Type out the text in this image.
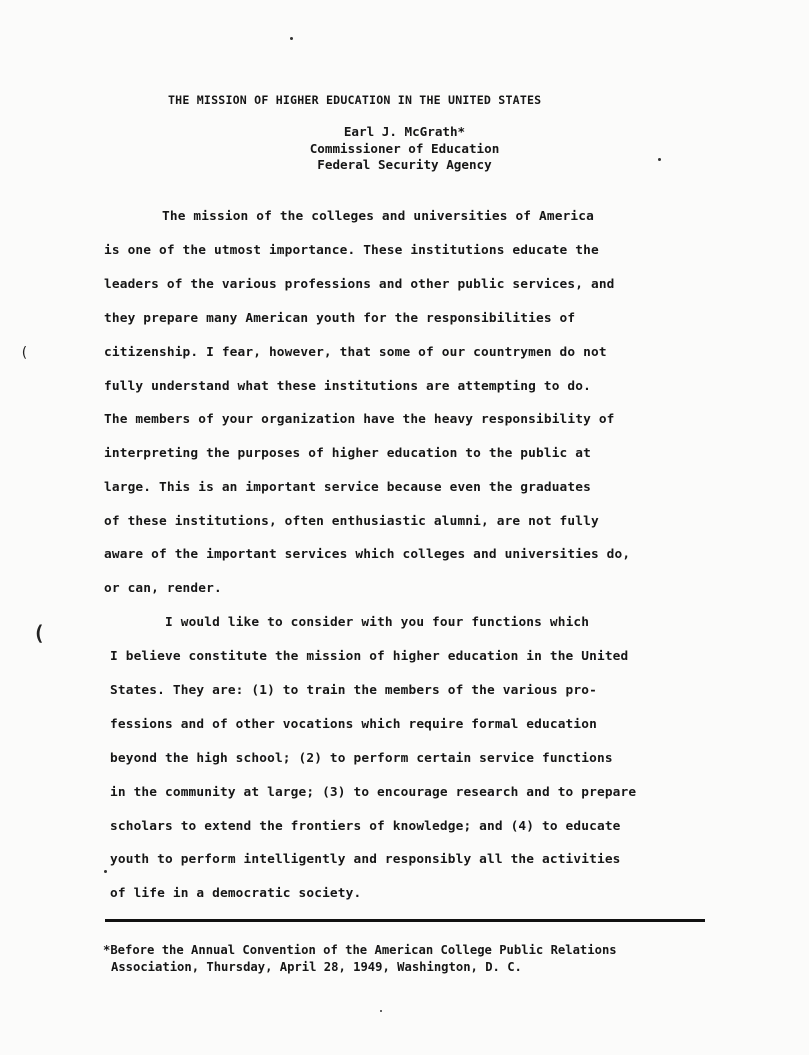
THE MISSION OF HIGHER EDUCATION IN THE UNITED STATES
Earl J. McGrath*
Commissioner of Education
Federal Security Agency
The mission of the colleges and universities of America
is one of the utmost importance. These institutions educate the
leaders of the various professions and other public services, and
they prepare many American youth for the responsibilities of
citizenship. I fear, however, that some of our countrymen do not
fully understand what these institutions are attempting to do.
The members of your organization have the heavy responsibility of
interpreting the purposes of higher education to the public at
large. This is an important service because even the graduates
of these institutions, often enthusiastic alumni, are not fully
aware of the important services which colleges and universities do,
or can, render.
I would like to consider with you four functions which
I believe constitute the mission of higher education in the United
States. They are: (1) to train the members of the various pro-
fessions and of other vocations which require formal education
beyond the high school; (2) to perform certain service functions
in the community at large; (3) to encourage research and to prepare
scholars to extend the frontiers of knowledge; and (4) to educate
youth to perform intelligently and responsibly all the activities
of life in a democratic society.
*Before the Annual Convention of the American College Public Relations
Association, Thursday, April 28, 1949, Washington, D. C.
(
(
